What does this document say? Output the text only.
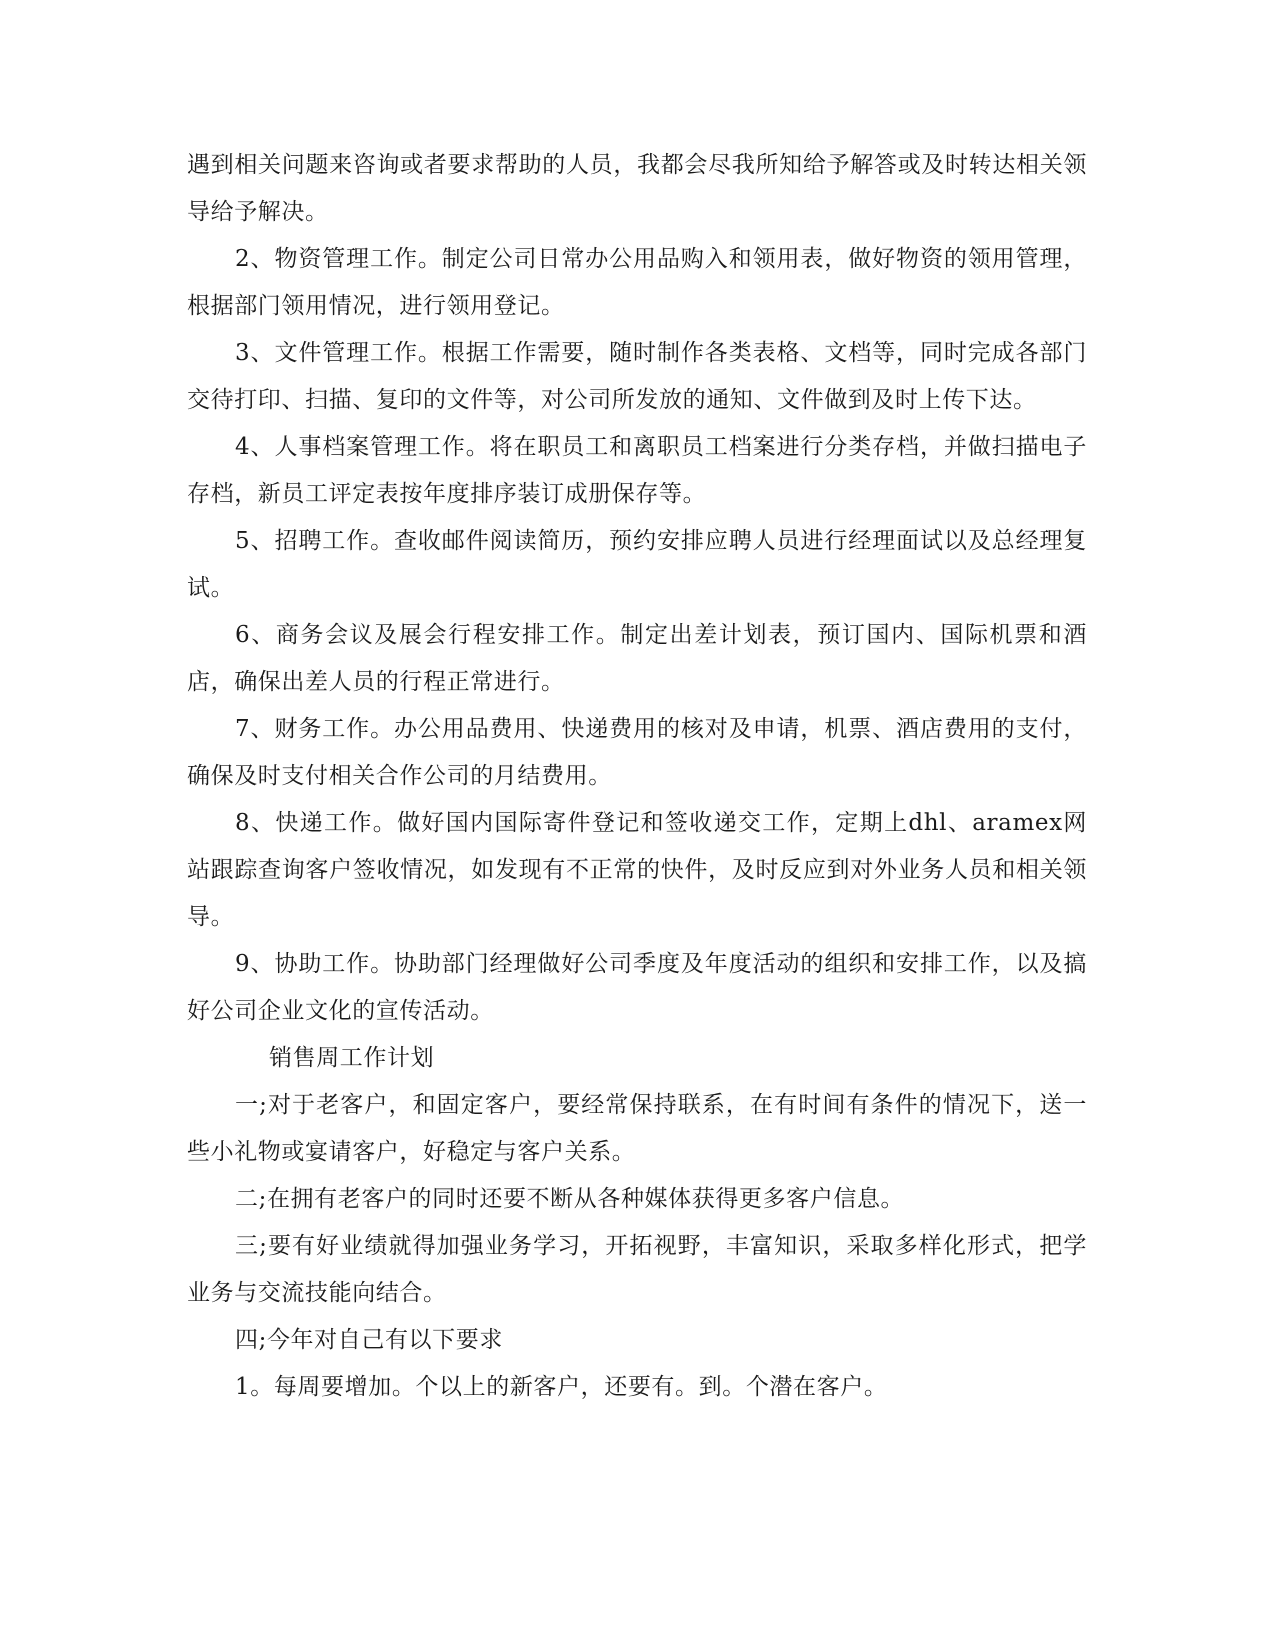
遇到相关问题来咨询或者要求帮助的人员，我都会尽我所知给予解答或及时转达相关领导给予解决。

2、物资管理工作。制定公司日常办公用品购入和领用表，做好物资的领用管理，根据部门领用情况，进行领用登记。

3、文件管理工作。根据工作需要，随时制作各类表格、文档等，同时完成各部门交待打印、扫描、复印的文件等，对公司所发放的通知、文件做到及时上传下达。

4、人事档案管理工作。将在职员工和离职员工档案进行分类存档，并做扫描电子存档，新员工评定表按年度排序装订成册保存等。

5、招聘工作。查收邮件阅读简历，预约安排应聘人员进行经理面试以及总经理复试。

6、商务会议及展会行程安排工作。制定出差计划表，预订国内、国际机票和酒店，确保出差人员的行程正常进行。

7、财务工作。办公用品费用、快递费用的核对及申请，机票、酒店费用的支付，确保及时支付相关合作公司的月结费用。

8、快递工作。做好国内国际寄件登记和签收递交工作，定期上dhl、aramex网站跟踪查询客户签收情况，如发现有不正常的快件，及时反应到对外业务人员和相关领导。

9、协助工作。协助部门经理做好公司季度及年度活动的组织和安排工作，以及搞好公司企业文化的宣传活动。

销售周工作计划

一;对于老客户，和固定客户，要经常保持联系，在有时间有条件的情况下，送一些小礼物或宴请客户，好稳定与客户关系。

二;在拥有老客户的同时还要不断从各种媒体获得更多客户信息。

三;要有好业绩就得加强业务学习，开拓视野，丰富知识，采取多样化形式，把学业务与交流技能向结合。

四;今年对自己有以下要求

1。每周要增加。个以上的新客户，还要有。到。个潜在客户。
